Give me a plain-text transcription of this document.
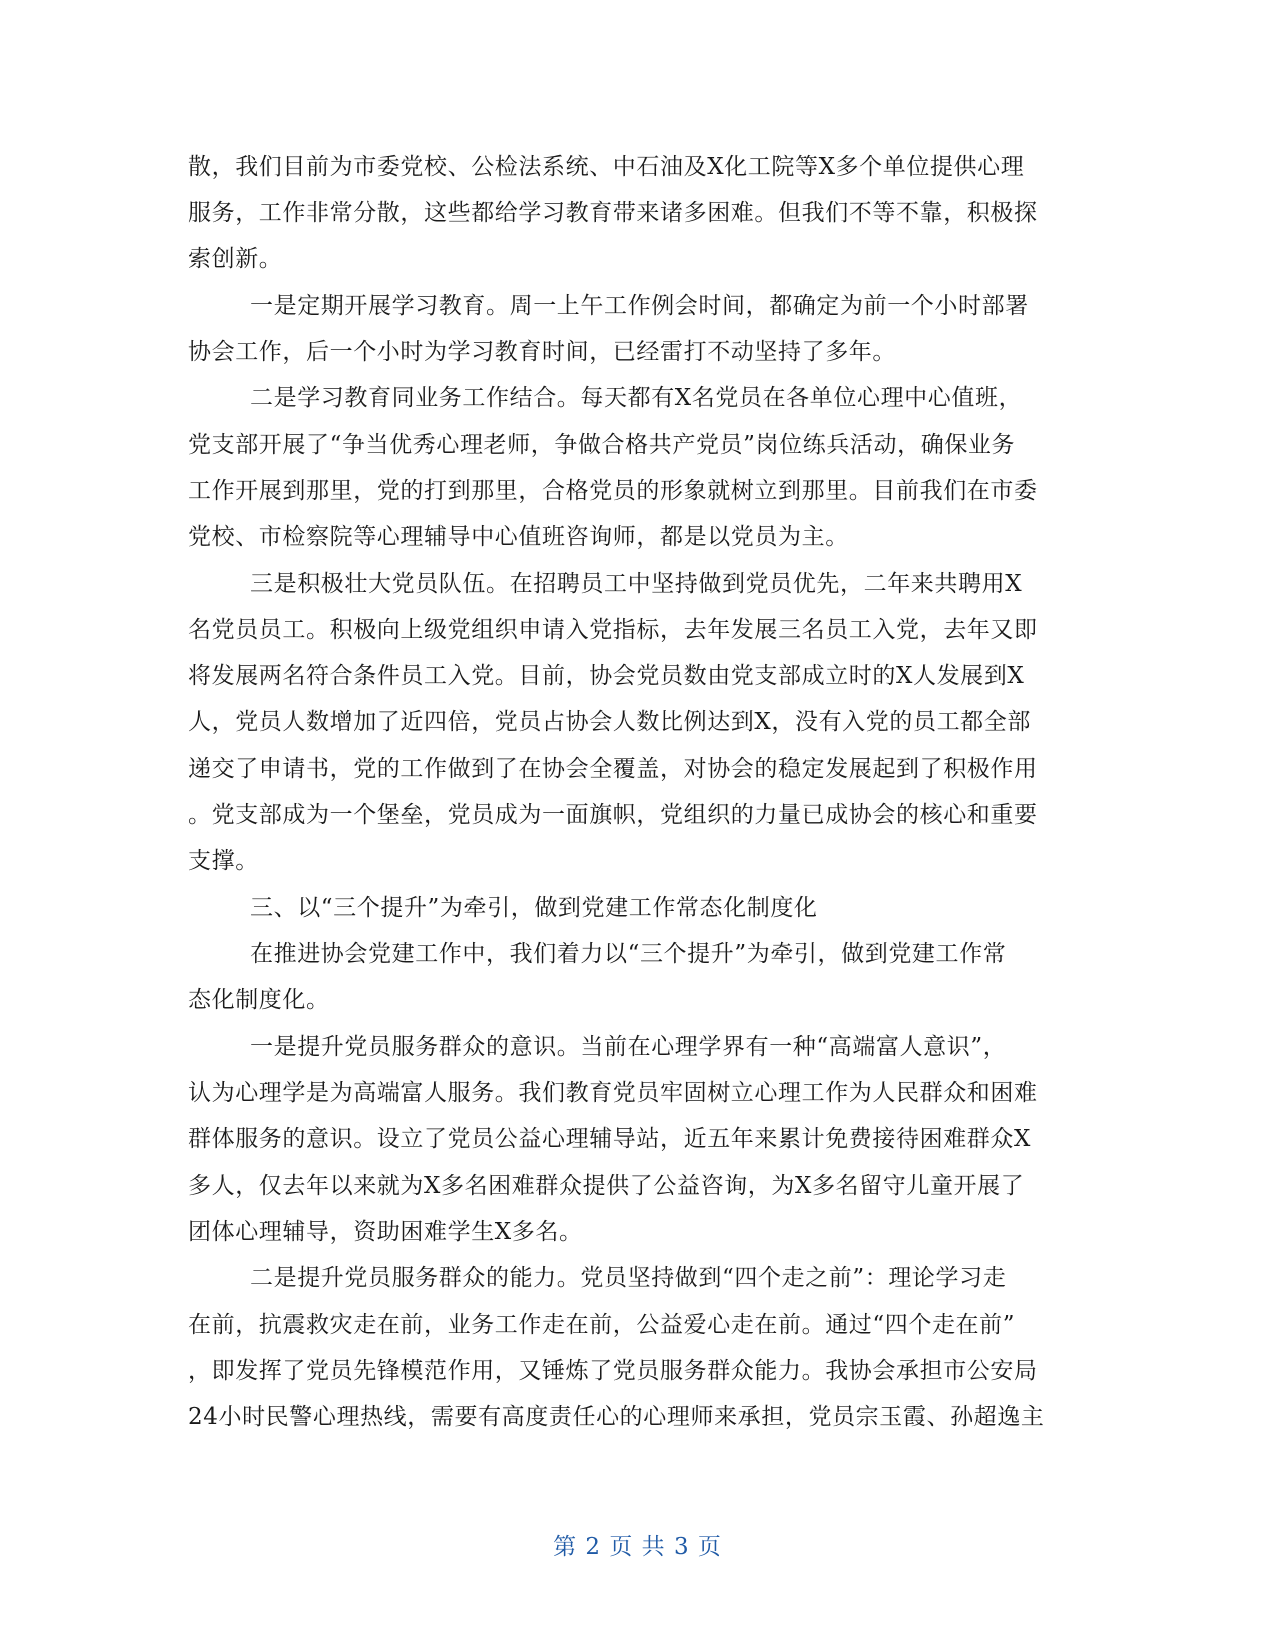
散，我们目前为市委党校、公检法系统、中石油及X化工院等X多个单位提供心理
服务，工作非常分散，这些都给学习教育带来诸多困难。但我们不等不靠，积极探
索创新。
一是定期开展学习教育。周一上午工作例会时间，都确定为前一个小时部署
协会工作，后一个小时为学习教育时间，已经雷打不动坚持了多年。
二是学习教育同业务工作结合。每天都有X名党员在各单位心理中心值班，
党支部开展了“争当优秀心理老师，争做合格共产党员”岗位练兵活动，确保业务
工作开展到那里，党的打到那里，合格党员的形象就树立到那里。目前我们在市委
党校、市检察院等心理辅导中心值班咨询师，都是以党员为主。
三是积极壮大党员队伍。在招聘员工中坚持做到党员优先，二年来共聘用X
名党员员工。积极向上级党组织申请入党指标，去年发展三名员工入党，去年又即
将发展两名符合条件员工入党。目前，协会党员数由党支部成立时的X人发展到X
人，党员人数增加了近四倍，党员占协会人数比例达到X，没有入党的员工都全部
递交了申请书，党的工作做到了在协会全覆盖，对协会的稳定发展起到了积极作用
。党支部成为一个堡垒，党员成为一面旗帜，党组织的力量已成协会的核心和重要
支撑。
三、以“三个提升”为牵引，做到党建工作常态化制度化
在推进协会党建工作中，我们着力以“三个提升”为牵引，做到党建工作常
态化制度化。
一是提升党员服务群众的意识。当前在心理学界有一种“高端富人意识”，
认为心理学是为高端富人服务。我们教育党员牢固树立心理工作为人民群众和困难
群体服务的意识。设立了党员公益心理辅导站，近五年来累计免费接待困难群众X
多人，仅去年以来就为X多名困难群众提供了公益咨询，为X多名留守儿童开展了
团体心理辅导，资助困难学生X多名。
二是提升党员服务群众的能力。党员坚持做到“四个走之前”：理论学习走
在前，抗震救灾走在前，业务工作走在前，公益爱心走在前。通过“四个走在前”
，即发挥了党员先锋模范作用，又锤炼了党员服务群众能力。我协会承担市公安局
24小时民警心理热线，需要有高度责任心的心理师来承担，党员宗玉霞、孙超逸主
第 2 页 共 3 页
